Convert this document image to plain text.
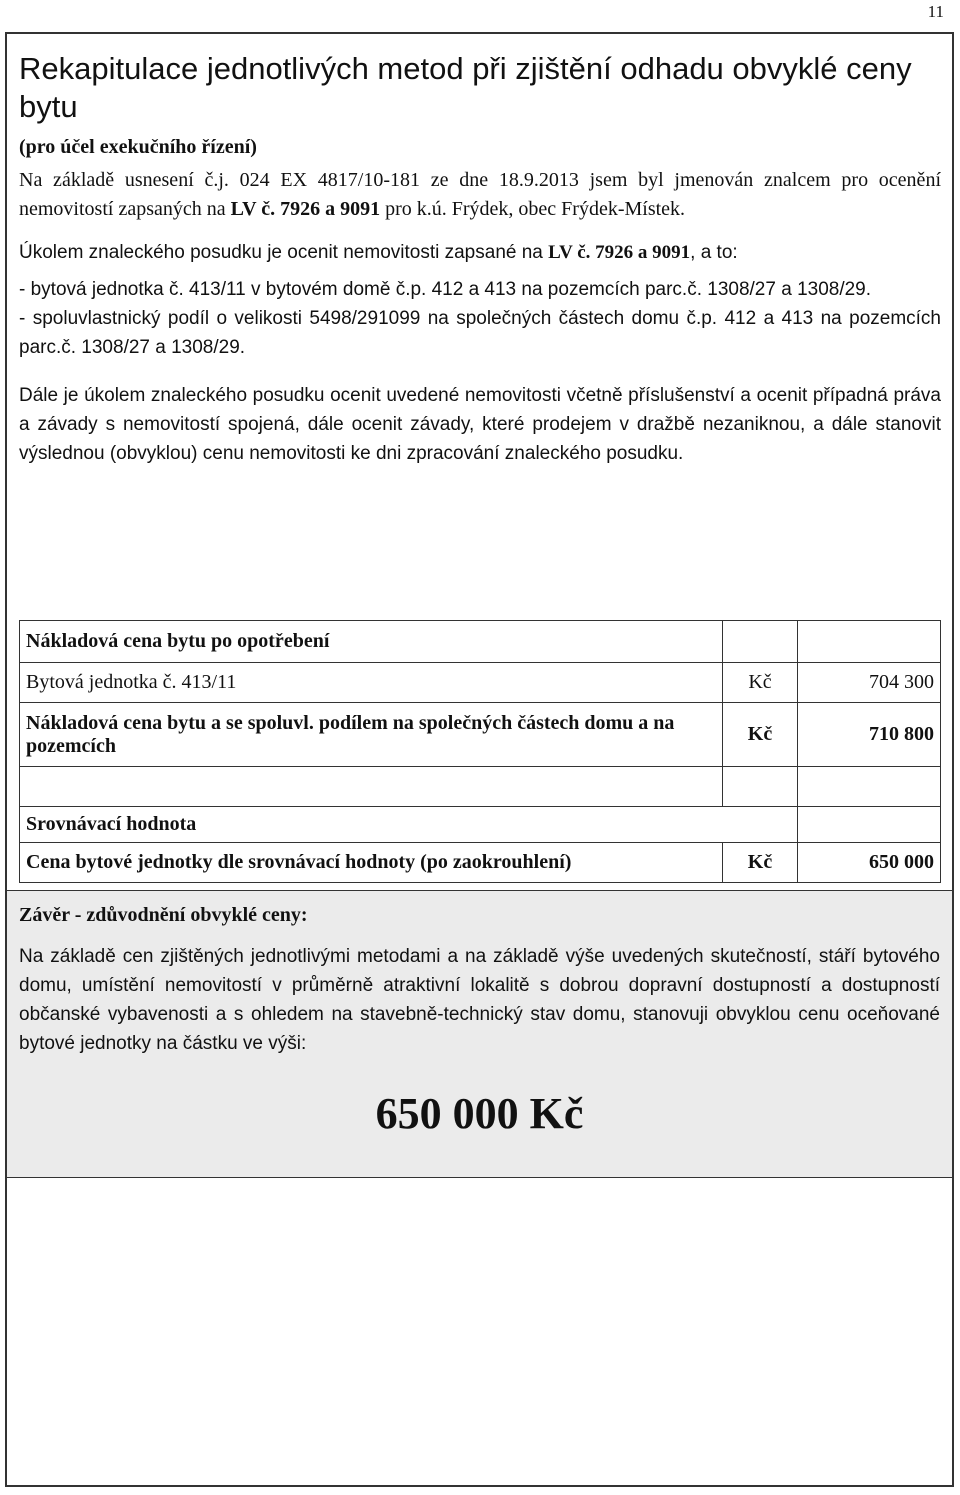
11
Rekapitulace jednotlivých metod při zjištění odhadu obvyklé ceny bytu
(pro účel exekučního řízení)

Na základě usnesení č.j. 024 EX 4817/10-181 ze dne 18.9.2013 jsem byl jmenován znalcem pro ocenění nemovitostí zapsaných na LV č. 7926 a 9091 pro k.ú. Frýdek, obec Frýdek-Místek.

Úkolem znaleckého posudku je ocenit nemovitosti zapsané na LV č. 7926 a 9091, a to:

- bytová jednotka č. 413/11 v bytovém domě č.p. 412 a 413 na pozemcích parc.č. 1308/27 a 1308/29.

- spoluvlastnický podíl o velikosti 5498/291099 na společných částech domu č.p. 412 a 413 na pozemcích parc.č. 1308/27 a 1308/29.

Dále je úkolem znaleckého posudku ocenit uvedené nemovitosti včetně příslušenství a ocenit případná práva a závady s nemovitostí spojená, dále ocenit závady, které prodejem v dražbě nezaniknou, a dále stanovit výslednou (obvyklou) cenu nemovitosti ke dni zpracování znaleckého posudku.

Nákladová cena bytu po opotřebení		
Bytová jednotka č. 413/11	Kč	704 300
Nákladová cena bytu a se spoluvl. podílem na společných částech domu a na pozemcích	Kč	710 800

Srovnávací hodnota		
Cena bytové jednotky dle srovnávací hodnoty (po zaokrouhlení)	Kč	650 000

Závěr - zdůvodnění obvyklé ceny:

Na základě cen zjištěných jednotlivými metodami a na základě výše uvedených skutečností, stáří bytového domu, umístění nemovitostí v průměrně atraktivní lokalitě s dobrou dopravní dostupností a dostupností občanské vybavenosti a s ohledem na stavebně-technický stav domu, stanovuji obvyklou cenu oceňované bytové jednotky na částku ve výši:

650 000 Kč
